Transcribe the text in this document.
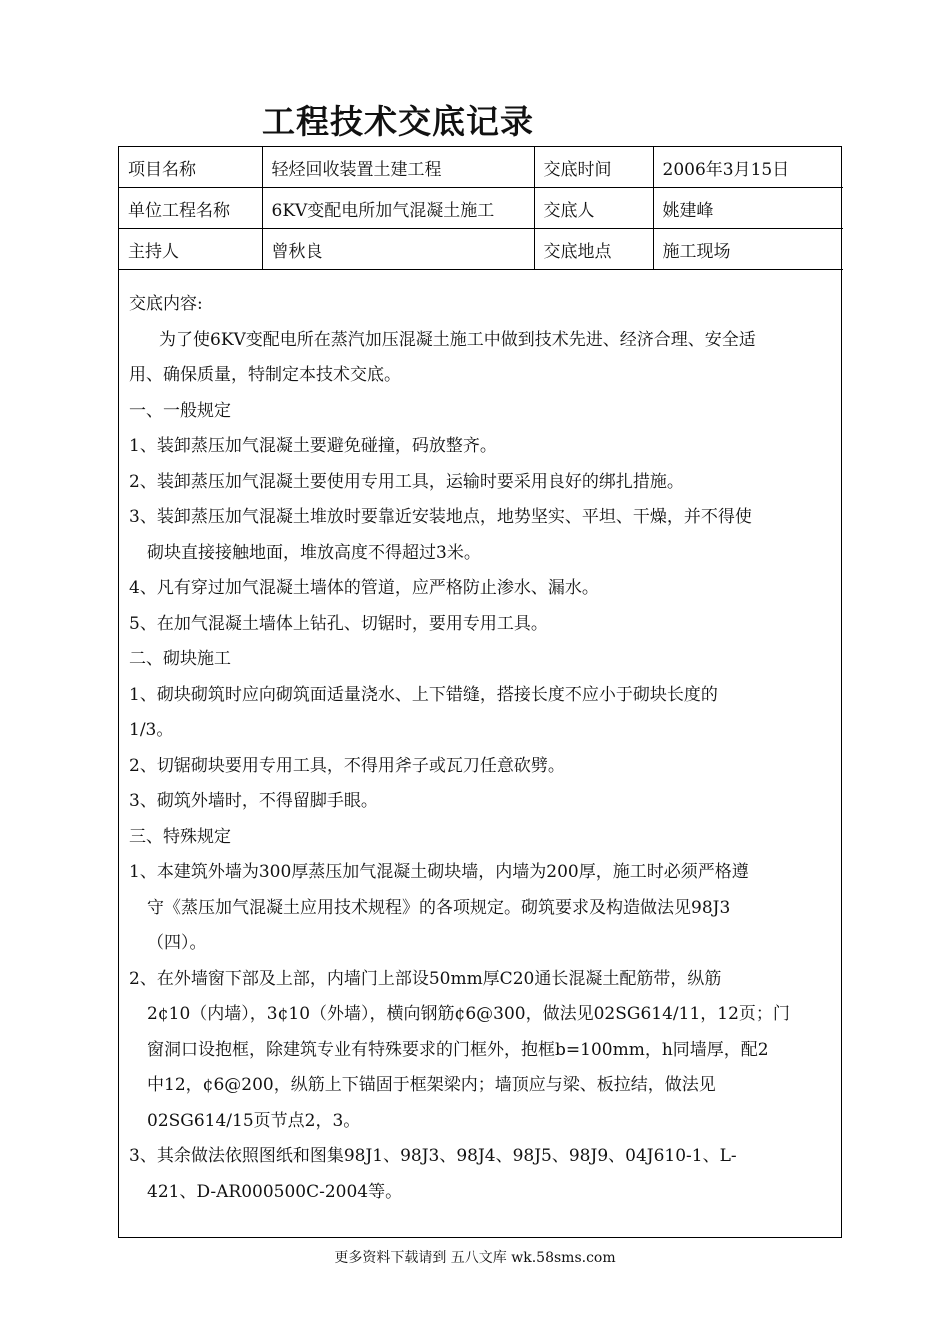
工程技术交底记录
项目名称	轻烃回收装置土建工程	交底时间	2006年3月15日
单位工程名称	6KV变配电所加气混凝土施工	交底人	姚建峰
主持人	曾秋良	交底地点	施工现场
交底内容:
为了使6KV变配电所在蒸汽加压混凝土施工中做到技术先进、经济合理、安全适
用、确保质量，特制定本技术交底。
一、一般规定
1、装卸蒸压加气混凝土要避免碰撞，码放整齐。
2、装卸蒸压加气混凝土要使用专用工具，运输时要采用良好的绑扎措施。
3、装卸蒸压加气混凝土堆放时要靠近安装地点，地势坚实、平坦、干燥，并不得使
砌块直接接触地面，堆放高度不得超过3米。
4、凡有穿过加气混凝土墙体的管道，应严格防止渗水、漏水。
5、在加气混凝土墙体上钻孔、切锯时，要用专用工具。
二、砌块施工
1、砌块砌筑时应向砌筑面适量浇水、上下错缝，搭接长度不应小于砌块长度的
1/3。
2、切锯砌块要用专用工具，不得用斧子或瓦刀任意砍劈。
3、砌筑外墙时，不得留脚手眼。
三、特殊规定
1、本建筑外墙为300厚蒸压加气混凝土砌块墙，内墙为200厚，施工时必须严格遵
守《蒸压加气混凝土应用技术规程》的各项规定。砌筑要求及构造做法见98J3
（四）。
2、在外墙窗下部及上部，内墙门上部设50mm厚C20通长混凝土配筋带，纵筋
2¢10（内墙），3¢10（外墙），横向钢筋¢6@300，做法见02SG614/11，12页；门
窗洞口设抱框，除建筑专业有特殊要求的门框外，抱框b=100mm，h同墙厚，配2
中12，¢6@200，纵筋上下锚固于框架梁内；墙顶应与梁、板拉结，做法见
02SG614/15页节点2，3。
3、其余做法依照图纸和图集98J1、98J3、98J4、98J5、98J9、04J610-1、L-
421、D-AR000500C-2004等。
更多资料下载请到 五八文库 wk.58sms.com
